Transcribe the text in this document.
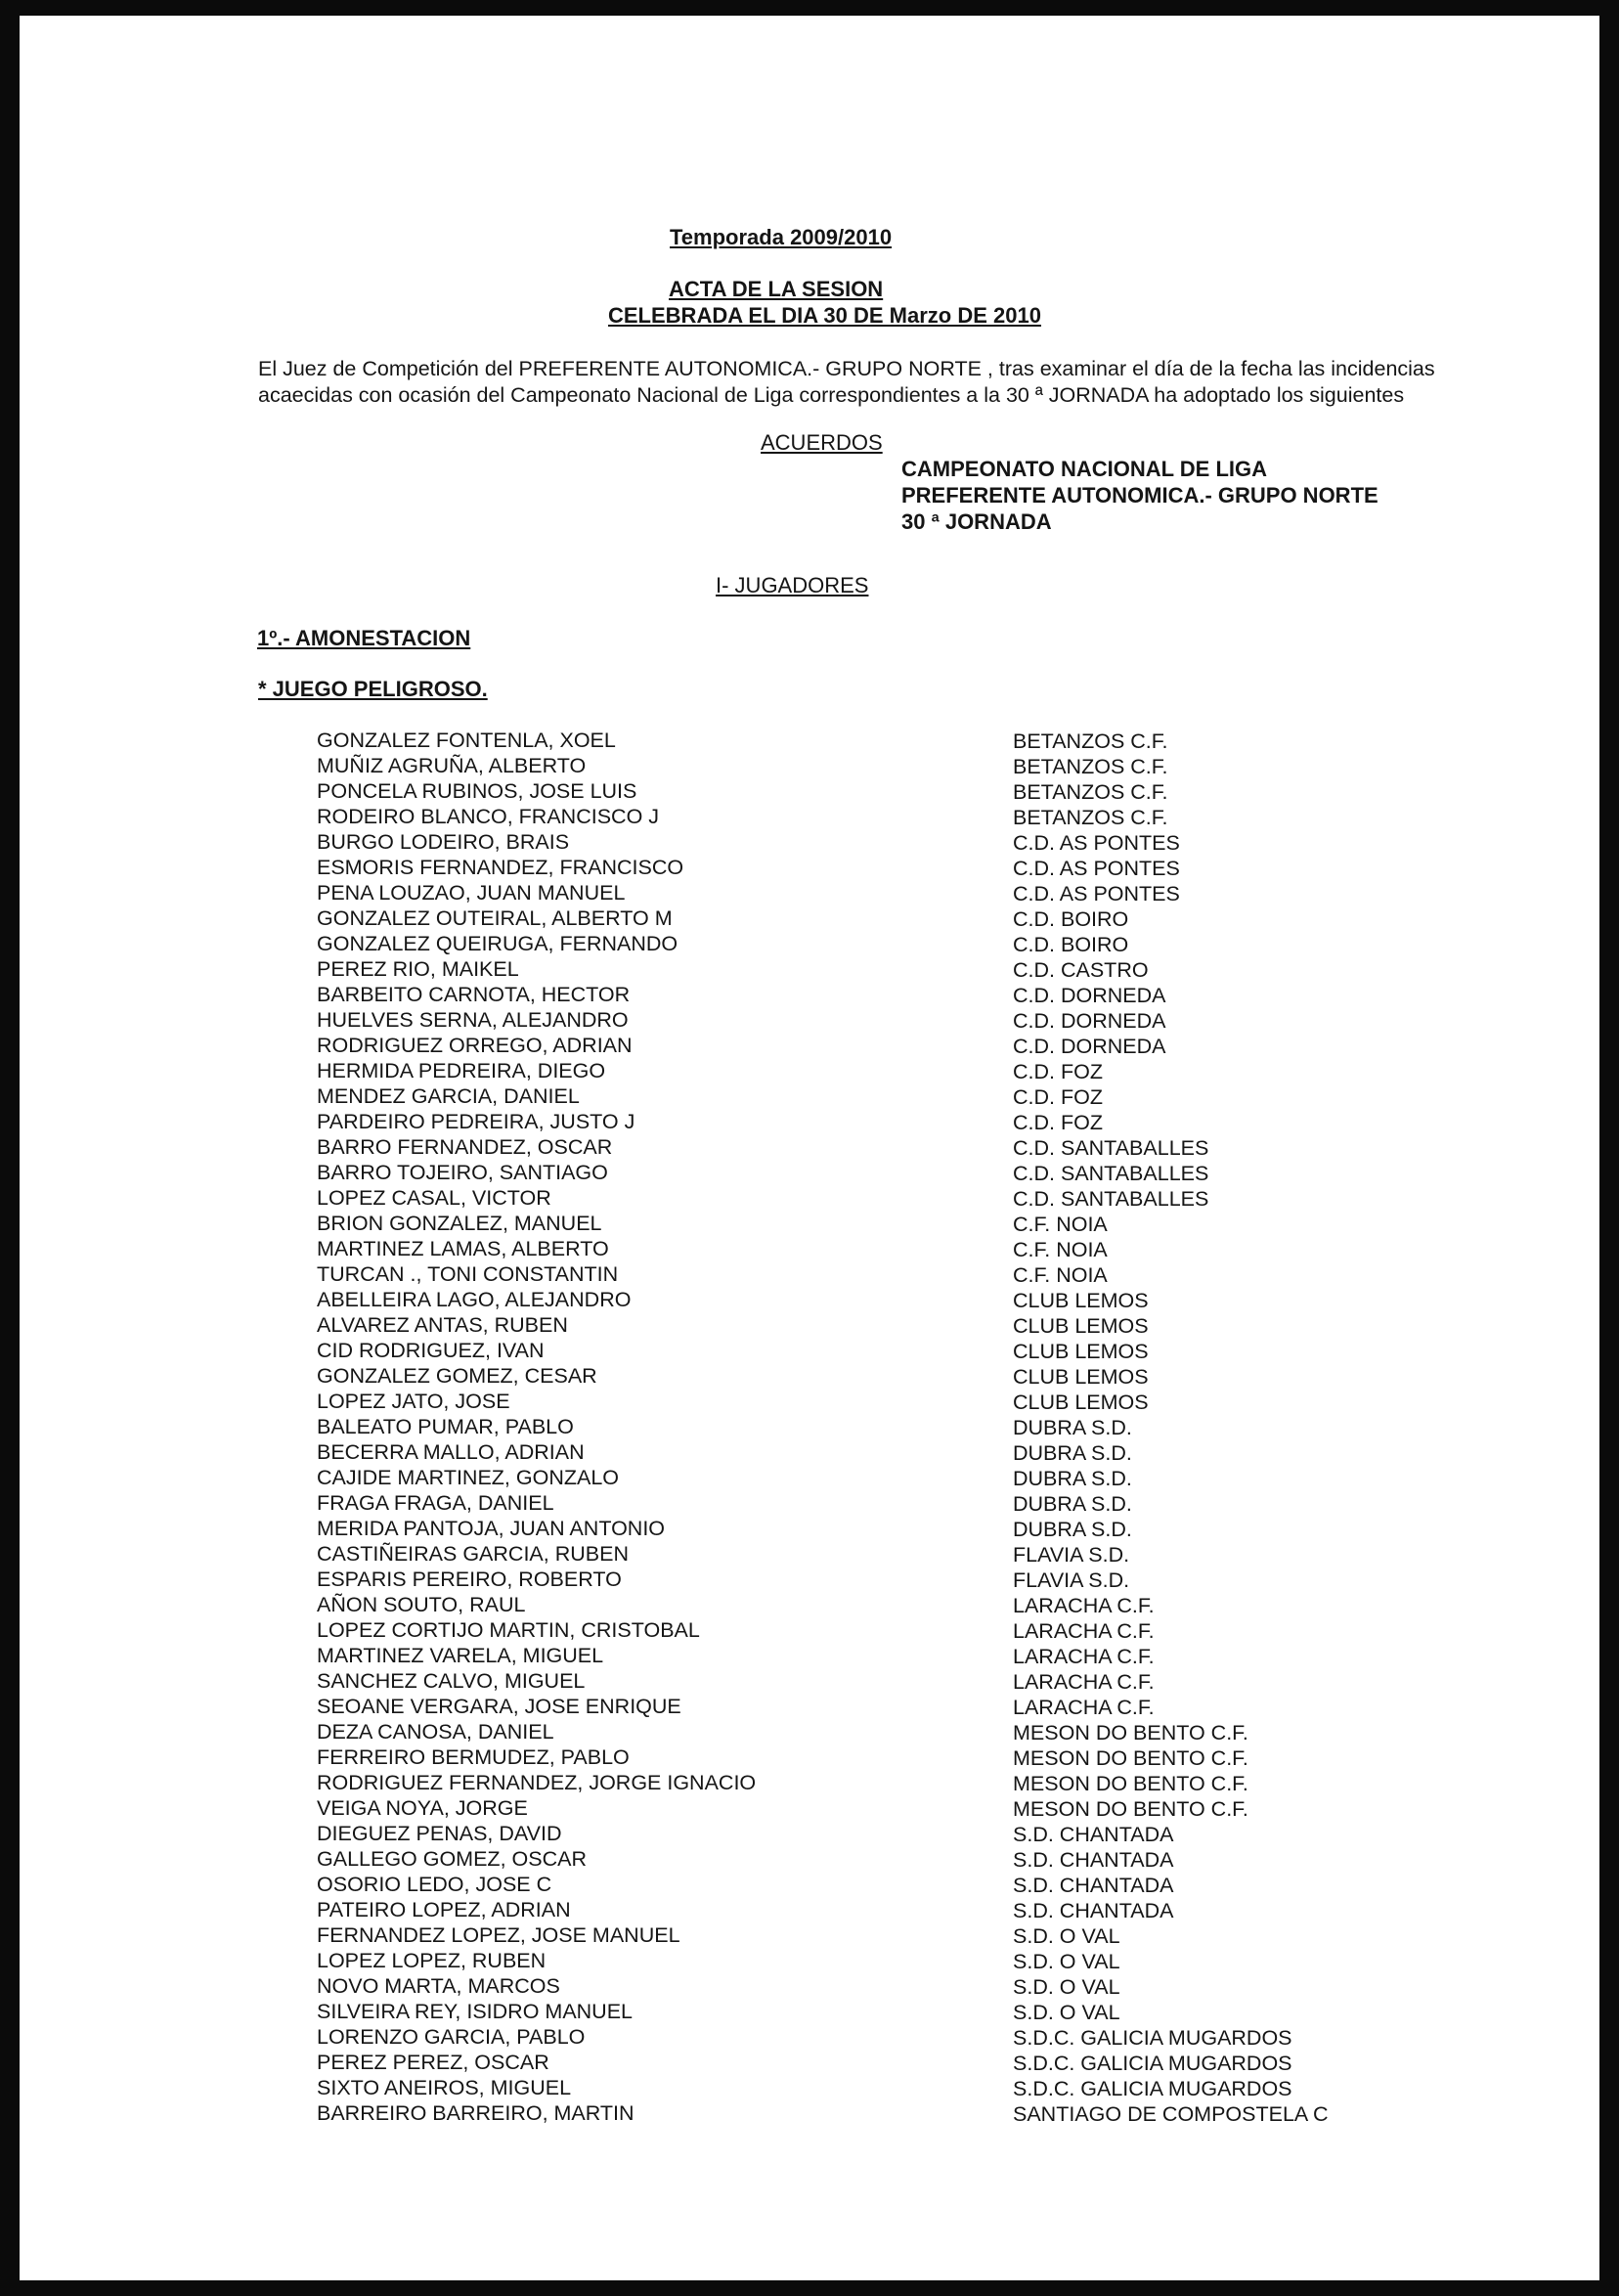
Temporada 2009/2010
ACTA DE LA SESION
CELEBRADA EL DIA 30 DE Marzo DE 2010
El Juez de Competición del PREFERENTE AUTONOMICA.- GRUPO NORTE , tras examinar el día de la fecha las incidencias
acaecidas con ocasión del Campeonato Nacional de Liga correspondientes a la 30 ª JORNADA ha adoptado los siguientes
ACUERDOS
CAMPEONATO NACIONAL DE LIGA
PREFERENTE AUTONOMICA.- GRUPO NORTE
30 ª JORNADA
I- JUGADORES
1º.- AMONESTACION
* JUEGO PELIGROSO.
GONZALEZ FONTENLA, XOEL
MUÑIZ AGRUÑA, ALBERTO
PONCELA RUBINOS, JOSE LUIS
RODEIRO BLANCO, FRANCISCO J
BURGO LODEIRO, BRAIS
ESMORIS FERNANDEZ, FRANCISCO
PENA LOUZAO, JUAN MANUEL
GONZALEZ OUTEIRAL, ALBERTO M
GONZALEZ QUEIRUGA, FERNANDO
PEREZ RIO, MAIKEL
BARBEITO CARNOTA, HECTOR
HUELVES SERNA, ALEJANDRO
RODRIGUEZ ORREGO, ADRIAN
HERMIDA PEDREIRA, DIEGO
MENDEZ GARCIA, DANIEL
PARDEIRO PEDREIRA, JUSTO J
BARRO FERNANDEZ, OSCAR
BARRO TOJEIRO, SANTIAGO
LOPEZ CASAL, VICTOR
BRION GONZALEZ, MANUEL
MARTINEZ LAMAS, ALBERTO
TURCAN ., TONI CONSTANTIN
ABELLEIRA LAGO, ALEJANDRO
ALVAREZ ANTAS, RUBEN
CID RODRIGUEZ, IVAN
GONZALEZ GOMEZ, CESAR
LOPEZ JATO, JOSE
BALEATO PUMAR, PABLO
BECERRA MALLO, ADRIAN
CAJIDE MARTINEZ, GONZALO
FRAGA FRAGA, DANIEL
MERIDA PANTOJA, JUAN ANTONIO
CASTIÑEIRAS GARCIA, RUBEN
ESPARIS PEREIRO, ROBERTO
AÑON SOUTO, RAUL
LOPEZ CORTIJO MARTIN, CRISTOBAL
MARTINEZ VARELA, MIGUEL
SANCHEZ CALVO, MIGUEL
SEOANE VERGARA, JOSE ENRIQUE
DEZA CANOSA, DANIEL
FERREIRO BERMUDEZ, PABLO
RODRIGUEZ FERNANDEZ, JORGE IGNACIO
VEIGA NOYA, JORGE
DIEGUEZ PENAS, DAVID
GALLEGO GOMEZ, OSCAR
OSORIO LEDO, JOSE C
PATEIRO LOPEZ, ADRIAN
FERNANDEZ LOPEZ, JOSE MANUEL
LOPEZ LOPEZ, RUBEN
NOVO MARTA, MARCOS
SILVEIRA REY, ISIDRO MANUEL
LORENZO GARCIA, PABLO
PEREZ PEREZ, OSCAR
SIXTO ANEIROS, MIGUEL
BARREIRO BARREIRO, MARTIN
BETANZOS C.F.
BETANZOS C.F.
BETANZOS C.F.
BETANZOS C.F.
C.D. AS PONTES
C.D. AS PONTES
C.D. AS PONTES
C.D. BOIRO
C.D. BOIRO
C.D. CASTRO
C.D. DORNEDA
C.D. DORNEDA
C.D. DORNEDA
C.D. FOZ
C.D. FOZ
C.D. FOZ
C.D. SANTABALLES
C.D. SANTABALLES
C.D. SANTABALLES
C.F. NOIA
C.F. NOIA
C.F. NOIA
CLUB LEMOS
CLUB LEMOS
CLUB LEMOS
CLUB LEMOS
CLUB LEMOS
DUBRA S.D.
DUBRA S.D.
DUBRA S.D.
DUBRA S.D.
DUBRA S.D.
FLAVIA S.D.
FLAVIA S.D.
LARACHA C.F.
LARACHA C.F.
LARACHA C.F.
LARACHA C.F.
LARACHA C.F.
MESON DO BENTO C.F.
MESON DO BENTO C.F.
MESON DO BENTO C.F.
MESON DO BENTO C.F.
S.D. CHANTADA
S.D. CHANTADA
S.D. CHANTADA
S.D. CHANTADA
S.D. O VAL
S.D. O VAL
S.D. O VAL
S.D. O VAL
S.D.C. GALICIA MUGARDOS
S.D.C. GALICIA MUGARDOS
S.D.C. GALICIA MUGARDOS
SANTIAGO DE COMPOSTELA C
